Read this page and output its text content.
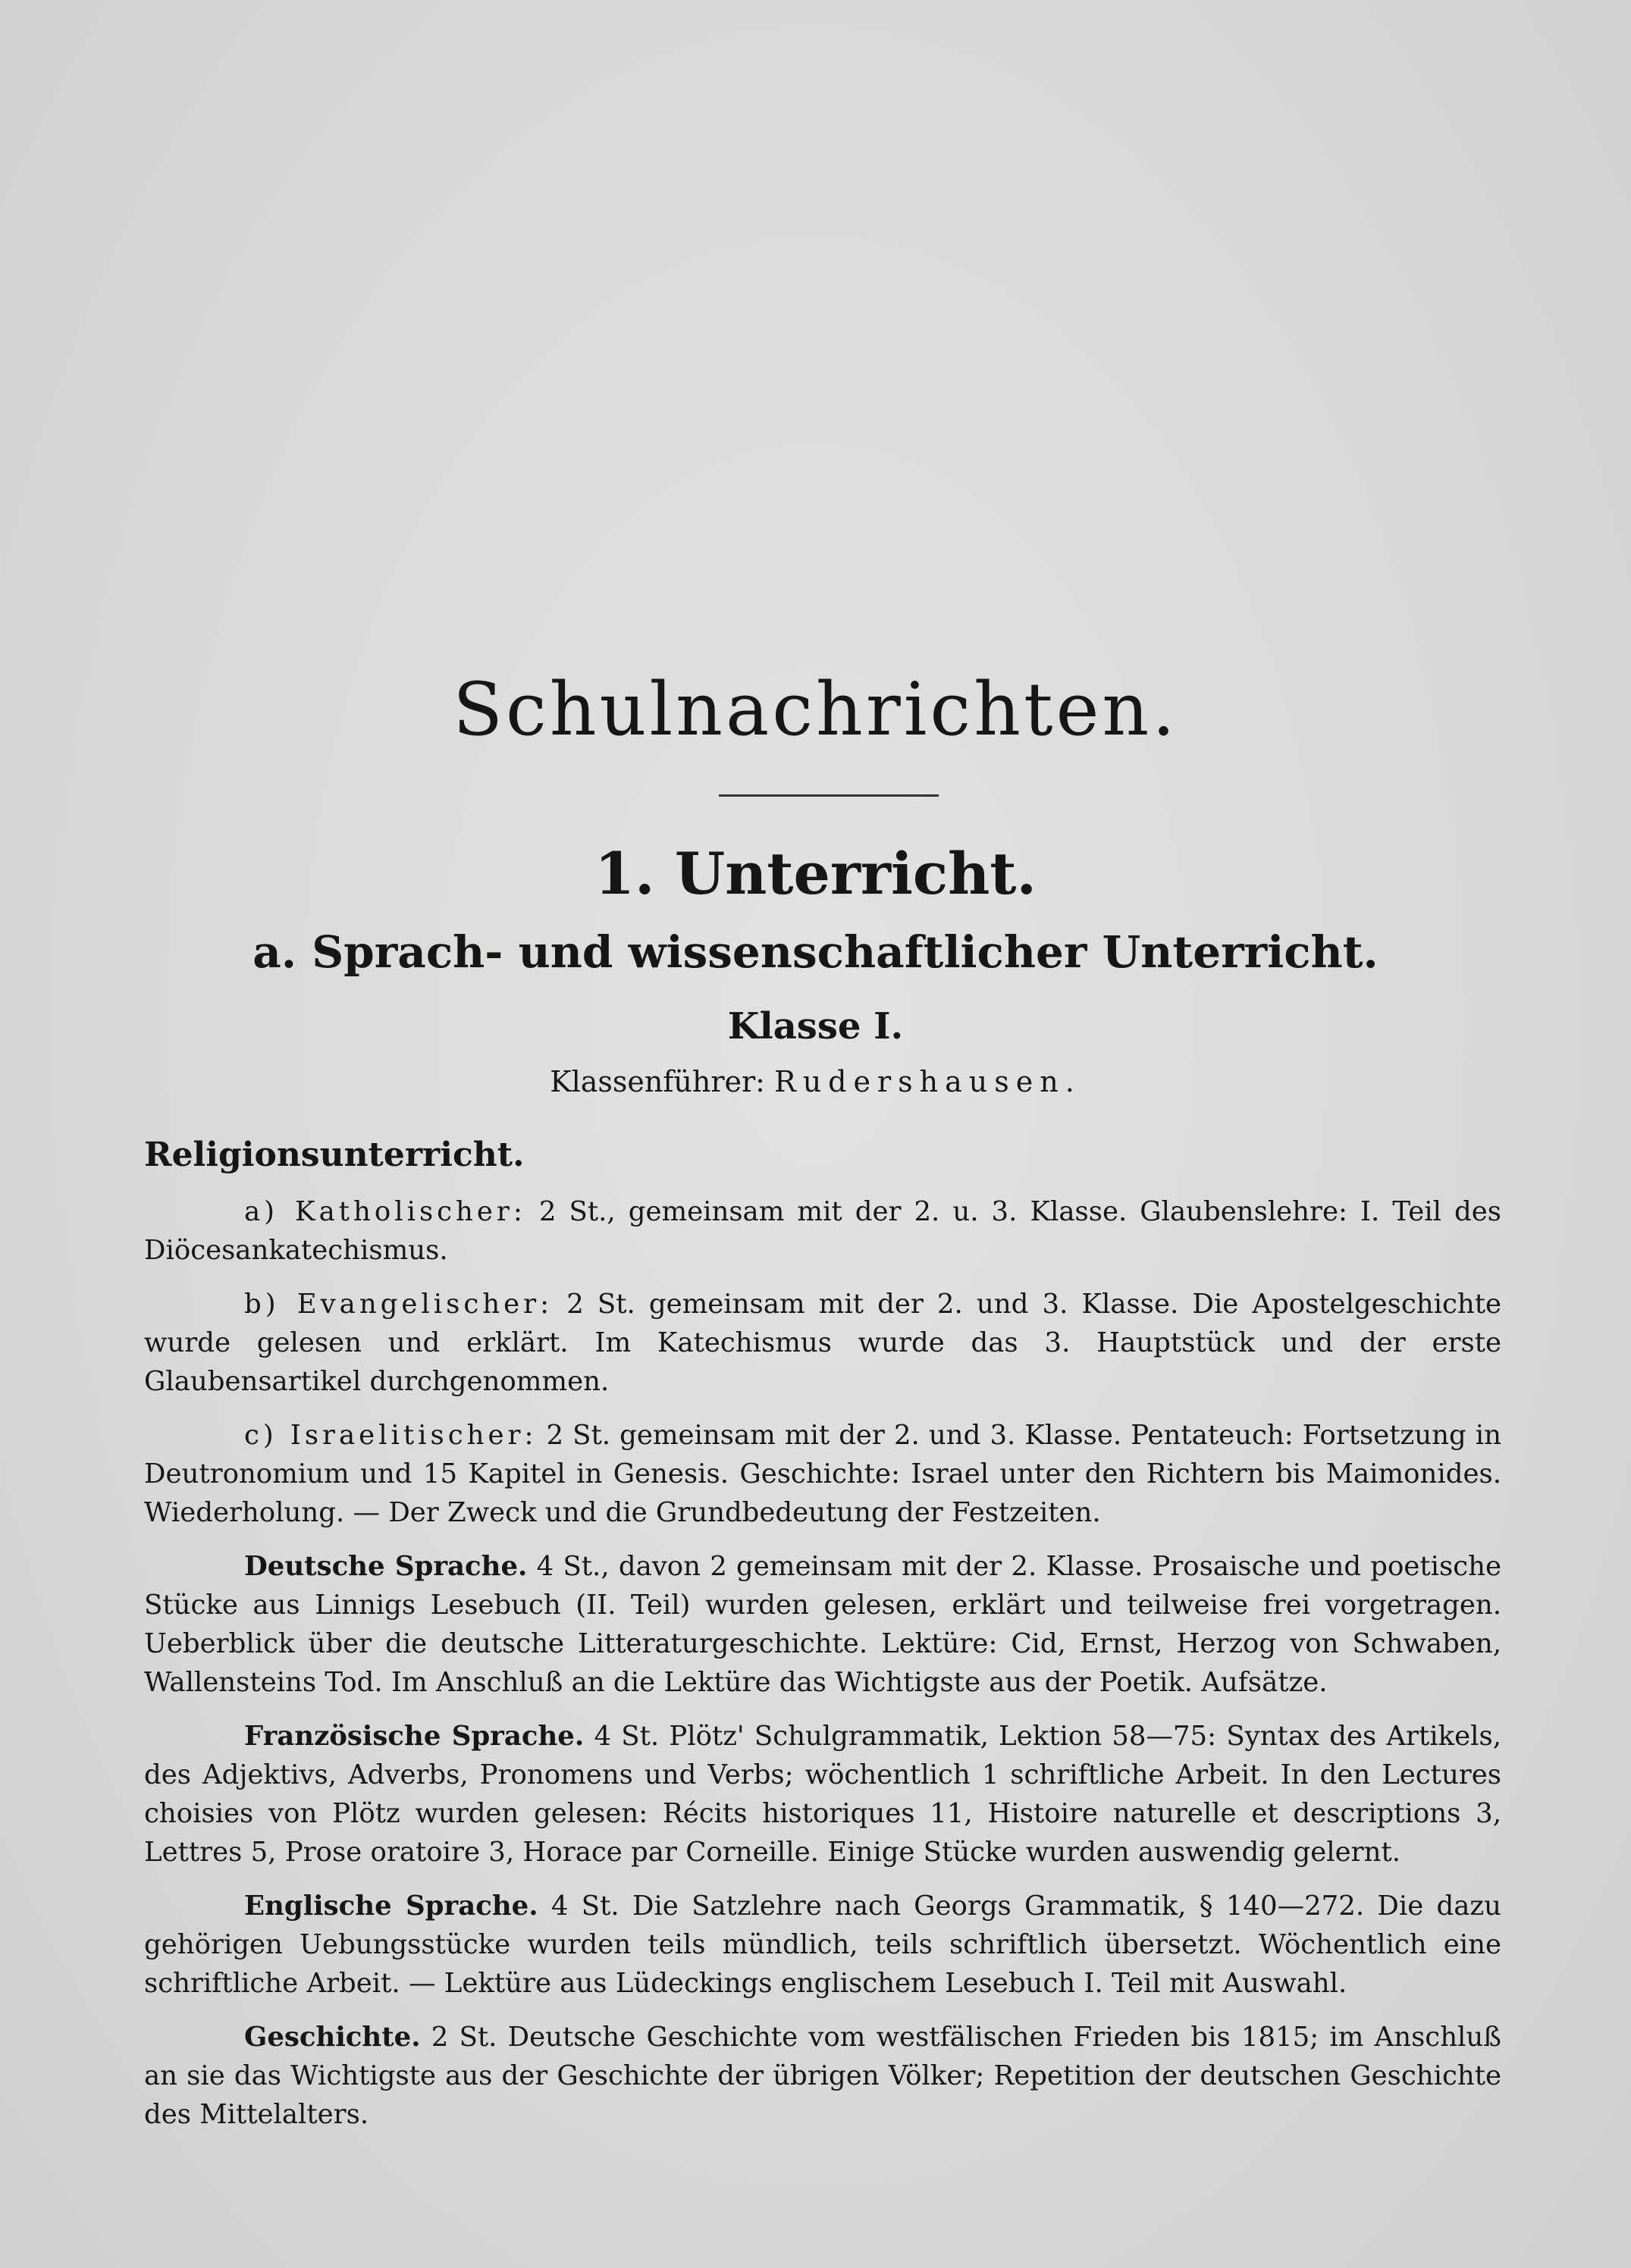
Schulnachrichten.
1. Unterricht.
a. Sprach- und wissenschaftlicher Unterricht.
Klasse I.
Klassenführer: Rudershausen.
Religionsunterricht.

a) Katholischer: 2 St., gemeinsam mit der 2. u. 3. Klasse. Glaubenslehre: I. Teil des Diöcesankatechismus.

b) Evangelischer: 2 St. gemeinsam mit der 2. und 3. Klasse. Die Apostelgeschichte wurde gelesen und erklärt. Im Katechismus wurde das 3. Hauptstück und der erste Glaubensartikel durchgenommen.

c) Israelitischer: 2 St. gemeinsam mit der 2. und 3. Klasse. Pentateuch: Fortsetzung in Deutronomium und 15 Kapitel in Genesis. Geschichte: Israel unter den Richtern bis Maimonides. Wiederholung. — Der Zweck und die Grundbedeutung der Festzeiten.

Deutsche Sprache. 4 St., davon 2 gemeinsam mit der 2. Klasse. Prosaische und poetische Stücke aus Linnigs Lesebuch (II. Teil) wurden gelesen, erklärt und teilweise frei vorgetragen. Ueberblick über die deutsche Litteraturgeschichte. Lektüre: Cid, Ernst, Herzog von Schwaben, Wallensteins Tod. Im Anschluß an die Lektüre das Wichtigste aus der Poetik. Aufsätze.

Französische Sprache. 4 St. Plötz' Schulgrammatik, Lektion 58—75: Syntax des Artikels, des Adjektivs, Adverbs, Pronomens und Verbs; wöchentlich 1 schriftliche Arbeit. In den Lectures choisies von Plötz wurden gelesen: Récits historiques 11, Histoire naturelle et descriptions 3, Lettres 5, Prose oratoire 3, Horace par Corneille. Einige Stücke wurden auswendig gelernt.

Englische Sprache. 4 St. Die Satzlehre nach Georgs Grammatik, § 140—272. Die dazu gehörigen Uebungsstücke wurden teils mündlich, teils schriftlich übersetzt. Wöchentlich eine schriftliche Arbeit. — Lektüre aus Lüdeckings englischem Lesebuch I. Teil mit Auswahl.

Geschichte. 2 St. Deutsche Geschichte vom westfälischen Frieden bis 1815; im Anschluß an sie das Wichtigste aus der Geschichte der übrigen Völker; Repetition der deutschen Geschichte des Mittelalters.
